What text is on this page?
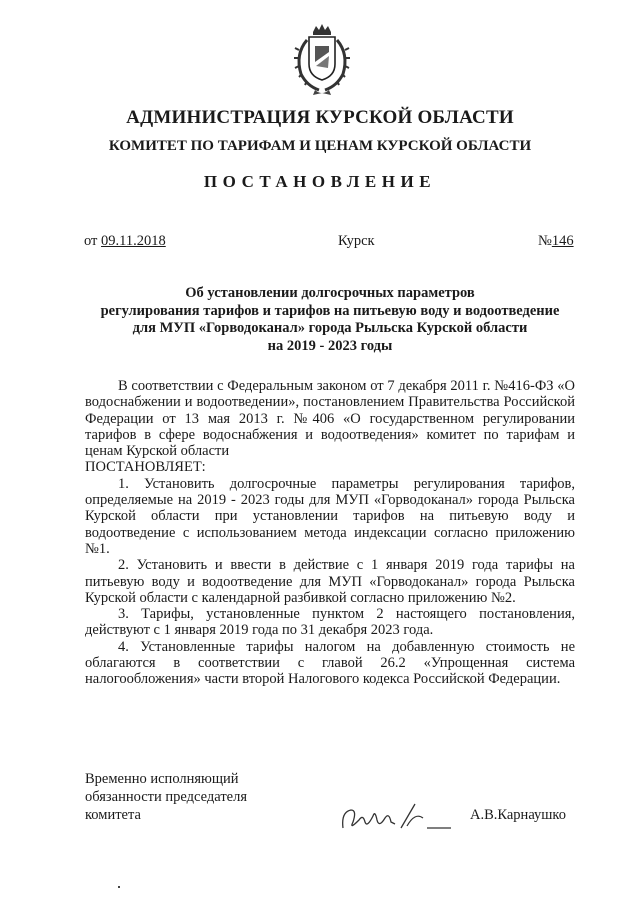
АДМИНИСТРАЦИЯ КУРСКОЙ ОБЛАСТИ
КОМИТЕТ ПО ТАРИФАМ И ЦЕНАМ КУРСКОЙ ОБЛАСТИ
ПОСТАНОВЛЕНИЕ
от 09.11.2018	Курск	№146
Об установлении долгосрочных параметров
регулирования тарифов и тарифов на питьевую воду и водоотведение
для МУП «Горводоканал» города Рыльска Курской области
на 2019 - 2023 годы

В соответствии с Федеральным законом от 7 декабря 2011 г. №416-ФЗ «О водоснабжении и водоотведении», постановлением Правительства Российской Федерации от 13 мая 2013 г. №406 «О государственном регулировании тарифов в сфере водоснабжения и водоотведения» комитет по тарифам и ценам Курской области

ПОСТАНОВЛЯЕТ:

1. Установить долгосрочные параметры регулирования тарифов, определяемые на 2019 - 2023 годы для МУП «Горводоканал» города Рыльска Курской области при установлении тарифов на питьевую воду и водоотведение с использованием метода индексации согласно приложению №1.

2. Установить и ввести в действие с 1 января 2019 года тарифы на питьевую воду и водоотведение для МУП «Горводоканал» города Рыльска Курской области с календарной разбивкой согласно приложению №2.

3. Тарифы, установленные пунктом 2 настоящего постановления, действуют с 1 января 2019 года по 31 декабря 2023 года.

4. Установленные тарифы налогом на добавленную стоимость не облагаются в соответствии с главой 26.2 «Упрощенная система налогообложения» части второй Налогового кодекса Российской Федерации.

Временно исполняющий
обязанности председателя
комитета	А.В.Карнаушко
